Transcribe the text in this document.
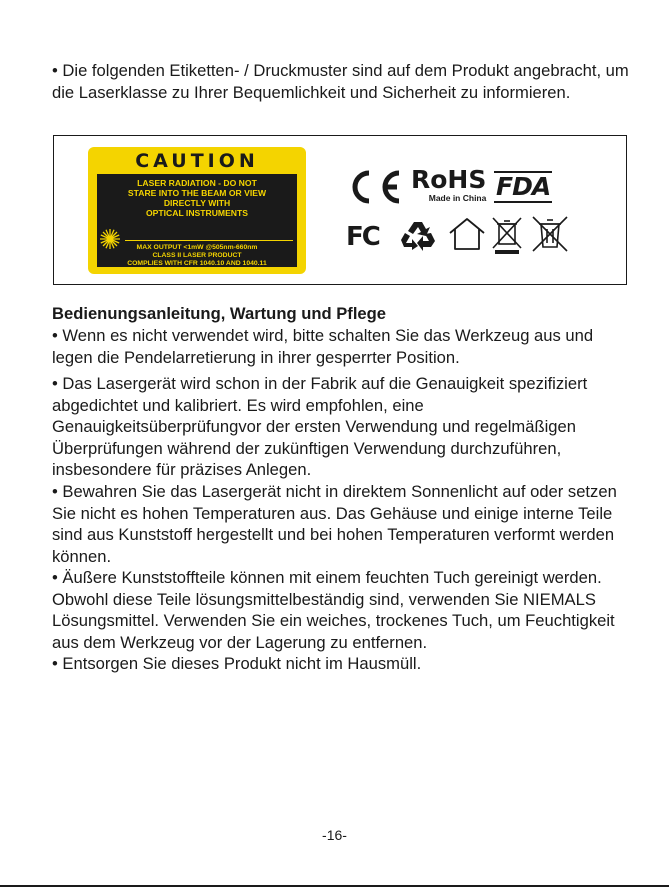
• Die folgenden Etiketten- / Druckmuster sind auf dem Produkt angebracht, um die Laserklasse zu Ihrer Bequemlichkeit und Sicherheit zu informieren.

CAUTION

LASER RADIATION - DO NOT

STARE INTO THE BEAM OR VIEW

DIRECTLY WITH

OPTICAL INSTRUMENTS

MAX OUTPUT <1mW @505nm-660nm

CLASS II LASER PRODUCT

COMPLIES WITH CFR 1040.10 AND 1040.11

RoHS
Made in China FDA
FC

Bedienungsanleitung, Wartung und Pflege

• Wenn es nicht verwendet wird, bitte schalten Sie das Werkzeug aus und legen die Pendelarretierung in ihrer gesperrter Position.

• Das Lasergerät wird schon in der Fabrik auf die Genauigkeit spezifiziert abgedichtet und kalibriert. Es wird empfohlen, eine Genauigkeitsüberprüfungvor der ersten Verwendung und regelmäßigen Überprüfungen während der zukünftigen Verwendung durchzuführen, insbesondere für präzises Anlegen.

• Bewahren Sie das Lasergerät nicht in direktem Sonnenlicht auf oder setzen Sie nicht es hohen Temperaturen aus. Das Gehäuse und einige interne Teile sind aus Kunststoff hergestellt und bei hohen Temperaturen verformt werden können.

• Äußere Kunststoffteile können mit einem feuchten Tuch gereinigt werden. Obwohl diese Teile lösungsmittelbeständig sind, verwenden Sie NIEMALS Lösungsmittel. Verwenden Sie ein weiches, trockenes Tuch, um Feuchtigkeit aus dem Werkzeug vor der Lagerung zu entfernen.

• Entsorgen Sie dieses Produkt nicht im Hausmüll.

-16-
